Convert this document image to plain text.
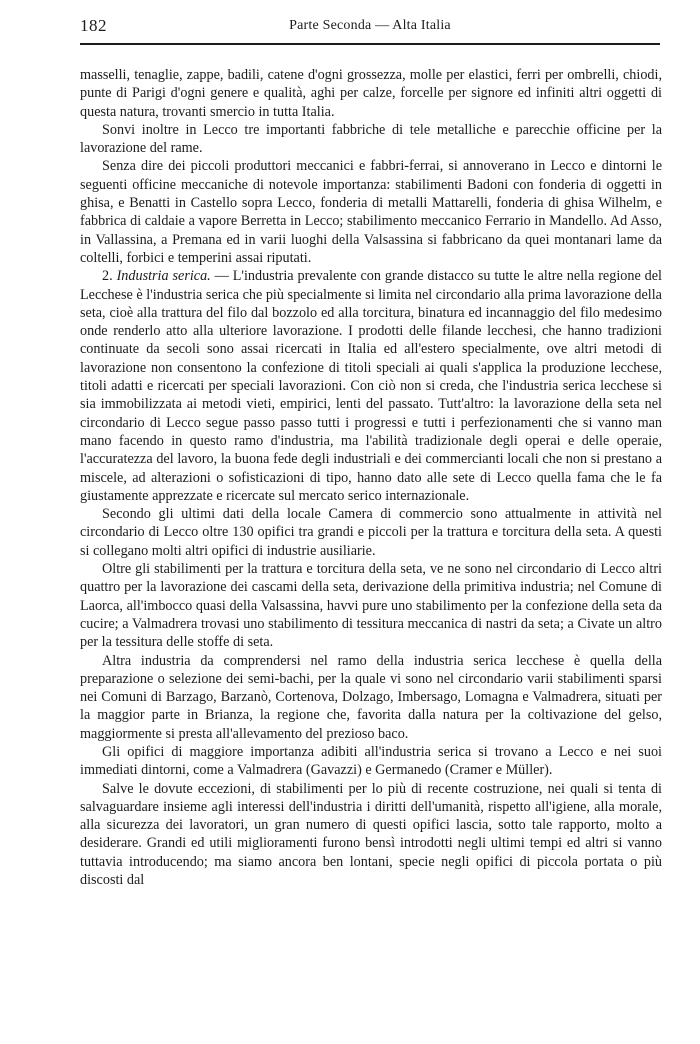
182	Parte Seconda — Alta Italia

masselli, tenaglie, zappe, badili, catene d'ogni grossezza, molle per elastici, ferri per ombrelli, chiodi, punte di Parigi d'ogni genere e qualità, aghi per calze, forcelle per signore ed infiniti altri oggetti di questa natura, trovanti smercio in tutta Italia.

Sonvi inoltre in Lecco tre importanti fabbriche di tele metalliche e parecchie officine per la lavorazione del rame.

Senza dire dei piccoli produttori meccanici e fabbri-ferrai, si annoverano in Lecco e dintorni le seguenti officine meccaniche di notevole importanza: stabilimenti Badoni con fonderia di oggetti in ghisa, e Benatti in Castello sopra Lecco, fonderia di metalli Mattarelli, fonderia di ghisa Wilhelm, e fabbrica di caldaie a vapore Berretta in Lecco; stabilimento meccanico Ferrario in Mandello. Ad Asso, in Vallassina, a Premana ed in varii luoghi della Valsassina si fabbricano da quei montanari lame da coltelli, forbici e temperini assai riputati.

2. Industria serica. — L'industria prevalente con grande distacco su tutte le altre nella regione del Lecchese è l'industria serica che più specialmente si limita nel circondario alla prima lavorazione della seta, cioè alla trattura del filo dal bozzolo ed alla torcitura, binatura ed incannaggio del filo medesimo onde renderlo atto alla ulteriore lavorazione. I prodotti delle filande lecchesi, che hanno tradizioni continuate da secoli sono assai ricercati in Italia ed all'estero specialmente, ove altri metodi di lavorazione non consentono la confezione di titoli speciali ai quali s'applica la produzione lecchese, titoli adatti e ricercati per speciali lavorazioni. Con ciò non si creda, che l'industria serica lecchese si sia immobilizzata ai metodi vieti, empirici, lenti del passato. Tutt'altro: la lavorazione della seta nel circondario di Lecco segue passo passo tutti i progressi e tutti i perfezionamenti che si vanno man mano facendo in questo ramo d'industria, ma l'abilità tradizionale degli operai e delle operaie, l'accuratezza del lavoro, la buona fede degli industriali e dei commercianti locali che non si prestano a miscele, ad alterazioni o sofisticazioni di tipo, hanno dato alle sete di Lecco quella fama che le fa giustamente apprezzate e ricercate sul mercato serico internazionale.

Secondo gli ultimi dati della locale Camera di commercio sono attualmente in attività nel circondario di Lecco oltre 130 opifici tra grandi e piccoli per la trattura e torcitura della seta. A questi si collegano molti altri opifici di industrie ausiliarie.

Oltre gli stabilimenti per la trattura e torcitura della seta, ve ne sono nel circondario di Lecco altri quattro per la lavorazione dei cascami della seta, derivazione della primitiva industria; nel Comune di Laorca, all'imbocco quasi della Valsassina, havvi pure uno stabilimento per la confezione della seta da cucire; a Valmadrera trovasi uno stabilimento di tessitura meccanica di nastri da seta; a Civate un altro per la tessitura delle stoffe di seta.

Altra industria da comprendersi nel ramo della industria serica lecchese è quella della preparazione o selezione dei semi-bachi, per la quale vi sono nel circondario varii stabilimenti sparsi nei Comuni di Barzago, Barzanò, Cortenova, Dolzago, Imbersago, Lomagna e Valmadrera, situati per la maggior parte in Brianza, la regione che, favorita dalla natura per la coltivazione del gelso, maggiormente si presta all'allevamento del prezioso baco.

Gli opifici di maggiore importanza adibiti all'industria serica si trovano a Lecco e nei suoi immediati dintorni, come a Valmadrera (Gavazzi) e Germanedo (Cramer e Müller).

Salve le dovute eccezioni, di stabilimenti per lo più di recente costruzione, nei quali si tenta di salvaguardare insieme agli interessi dell'industria i diritti dell'umanità, rispetto all'igiene, alla morale, alla sicurezza dei lavoratori, un gran numero di questi opifici lascia, sotto tale rapporto, molto a desiderare. Grandi ed utili miglioramenti furono bensì introdotti negli ultimi tempi ed altri si vanno tuttavia introducendo; ma siamo ancora ben lontani, specie negli opifici di piccola portata o più discosti dal
